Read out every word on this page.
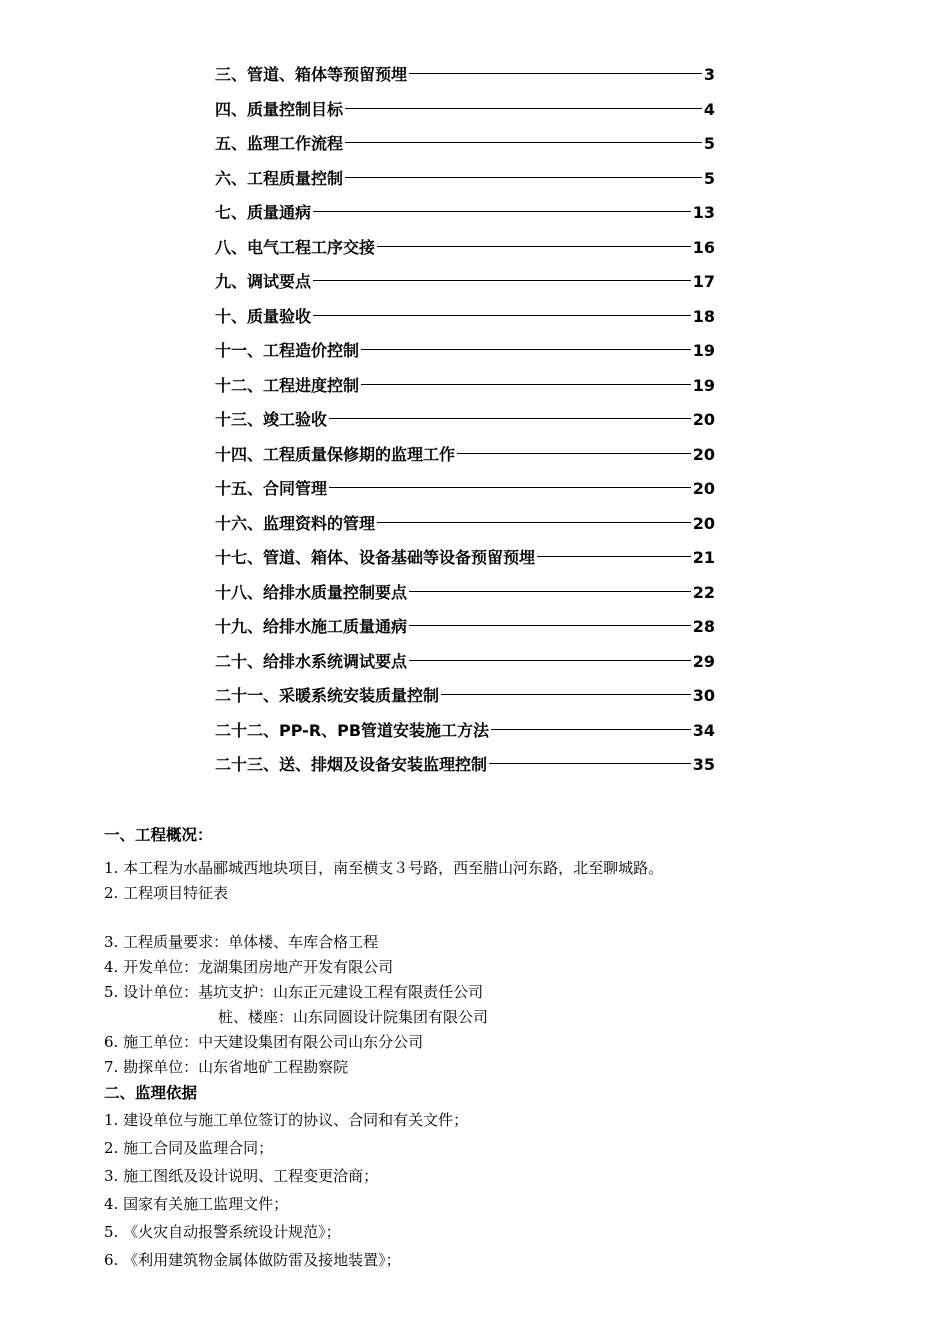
三、管道、箱体等预留预埋	3
四、质量控制目标	4
五、监理工作流程	5
六、工程质量控制	5
七、质量通病	13
八、电气工程工序交接	16
九、调试要点	17
十、质量验收	18
十一、工程造价控制	19
十二、工程进度控制	19
十三、竣工验收	20
十四、工程质量保修期的监理工作	20
十五、合同管理	20
十六、监理资料的管理	20
十七、管道、箱体、设备基础等设备预留预埋	21
十八、给排水质量控制要点	22
十九、给排水施工质量通病	28
二十、给排水系统调试要点	29
二十一、采暖系统安装质量控制	30
二十二、PP-R、PB管道安装施工方法	34
二十三、送、排烟及设备安装监理控制	35
一、工程概况：
1. 本工程为水晶郦城西地块项目，南至横支３号路，西至腊山河东路，北至聊城路。
2. 工程项目特征表
3. 工程质量要求：单体楼、车库合格工程
4. 开发单位：龙湖集团房地产开发有限公司
5. 设计单位：基坑支护：山东正元建设工程有限责任公司
桩、楼座：山东同圆设计院集团有限公司
6. 施工单位：中天建设集团有限公司山东分公司
7. 勘探单位：山东省地矿工程勘察院
二、监理依据
1. 建设单位与施工单位签订的协议、合同和有关文件；
2. 施工合同及监理合同；
3. 施工图纸及设计说明、工程变更洽商；
4. 国家有关施工监理文件；
5. 《火灾自动报警系统设计规范》；
6. 《利用建筑物金属体做防雷及接地装置》；
